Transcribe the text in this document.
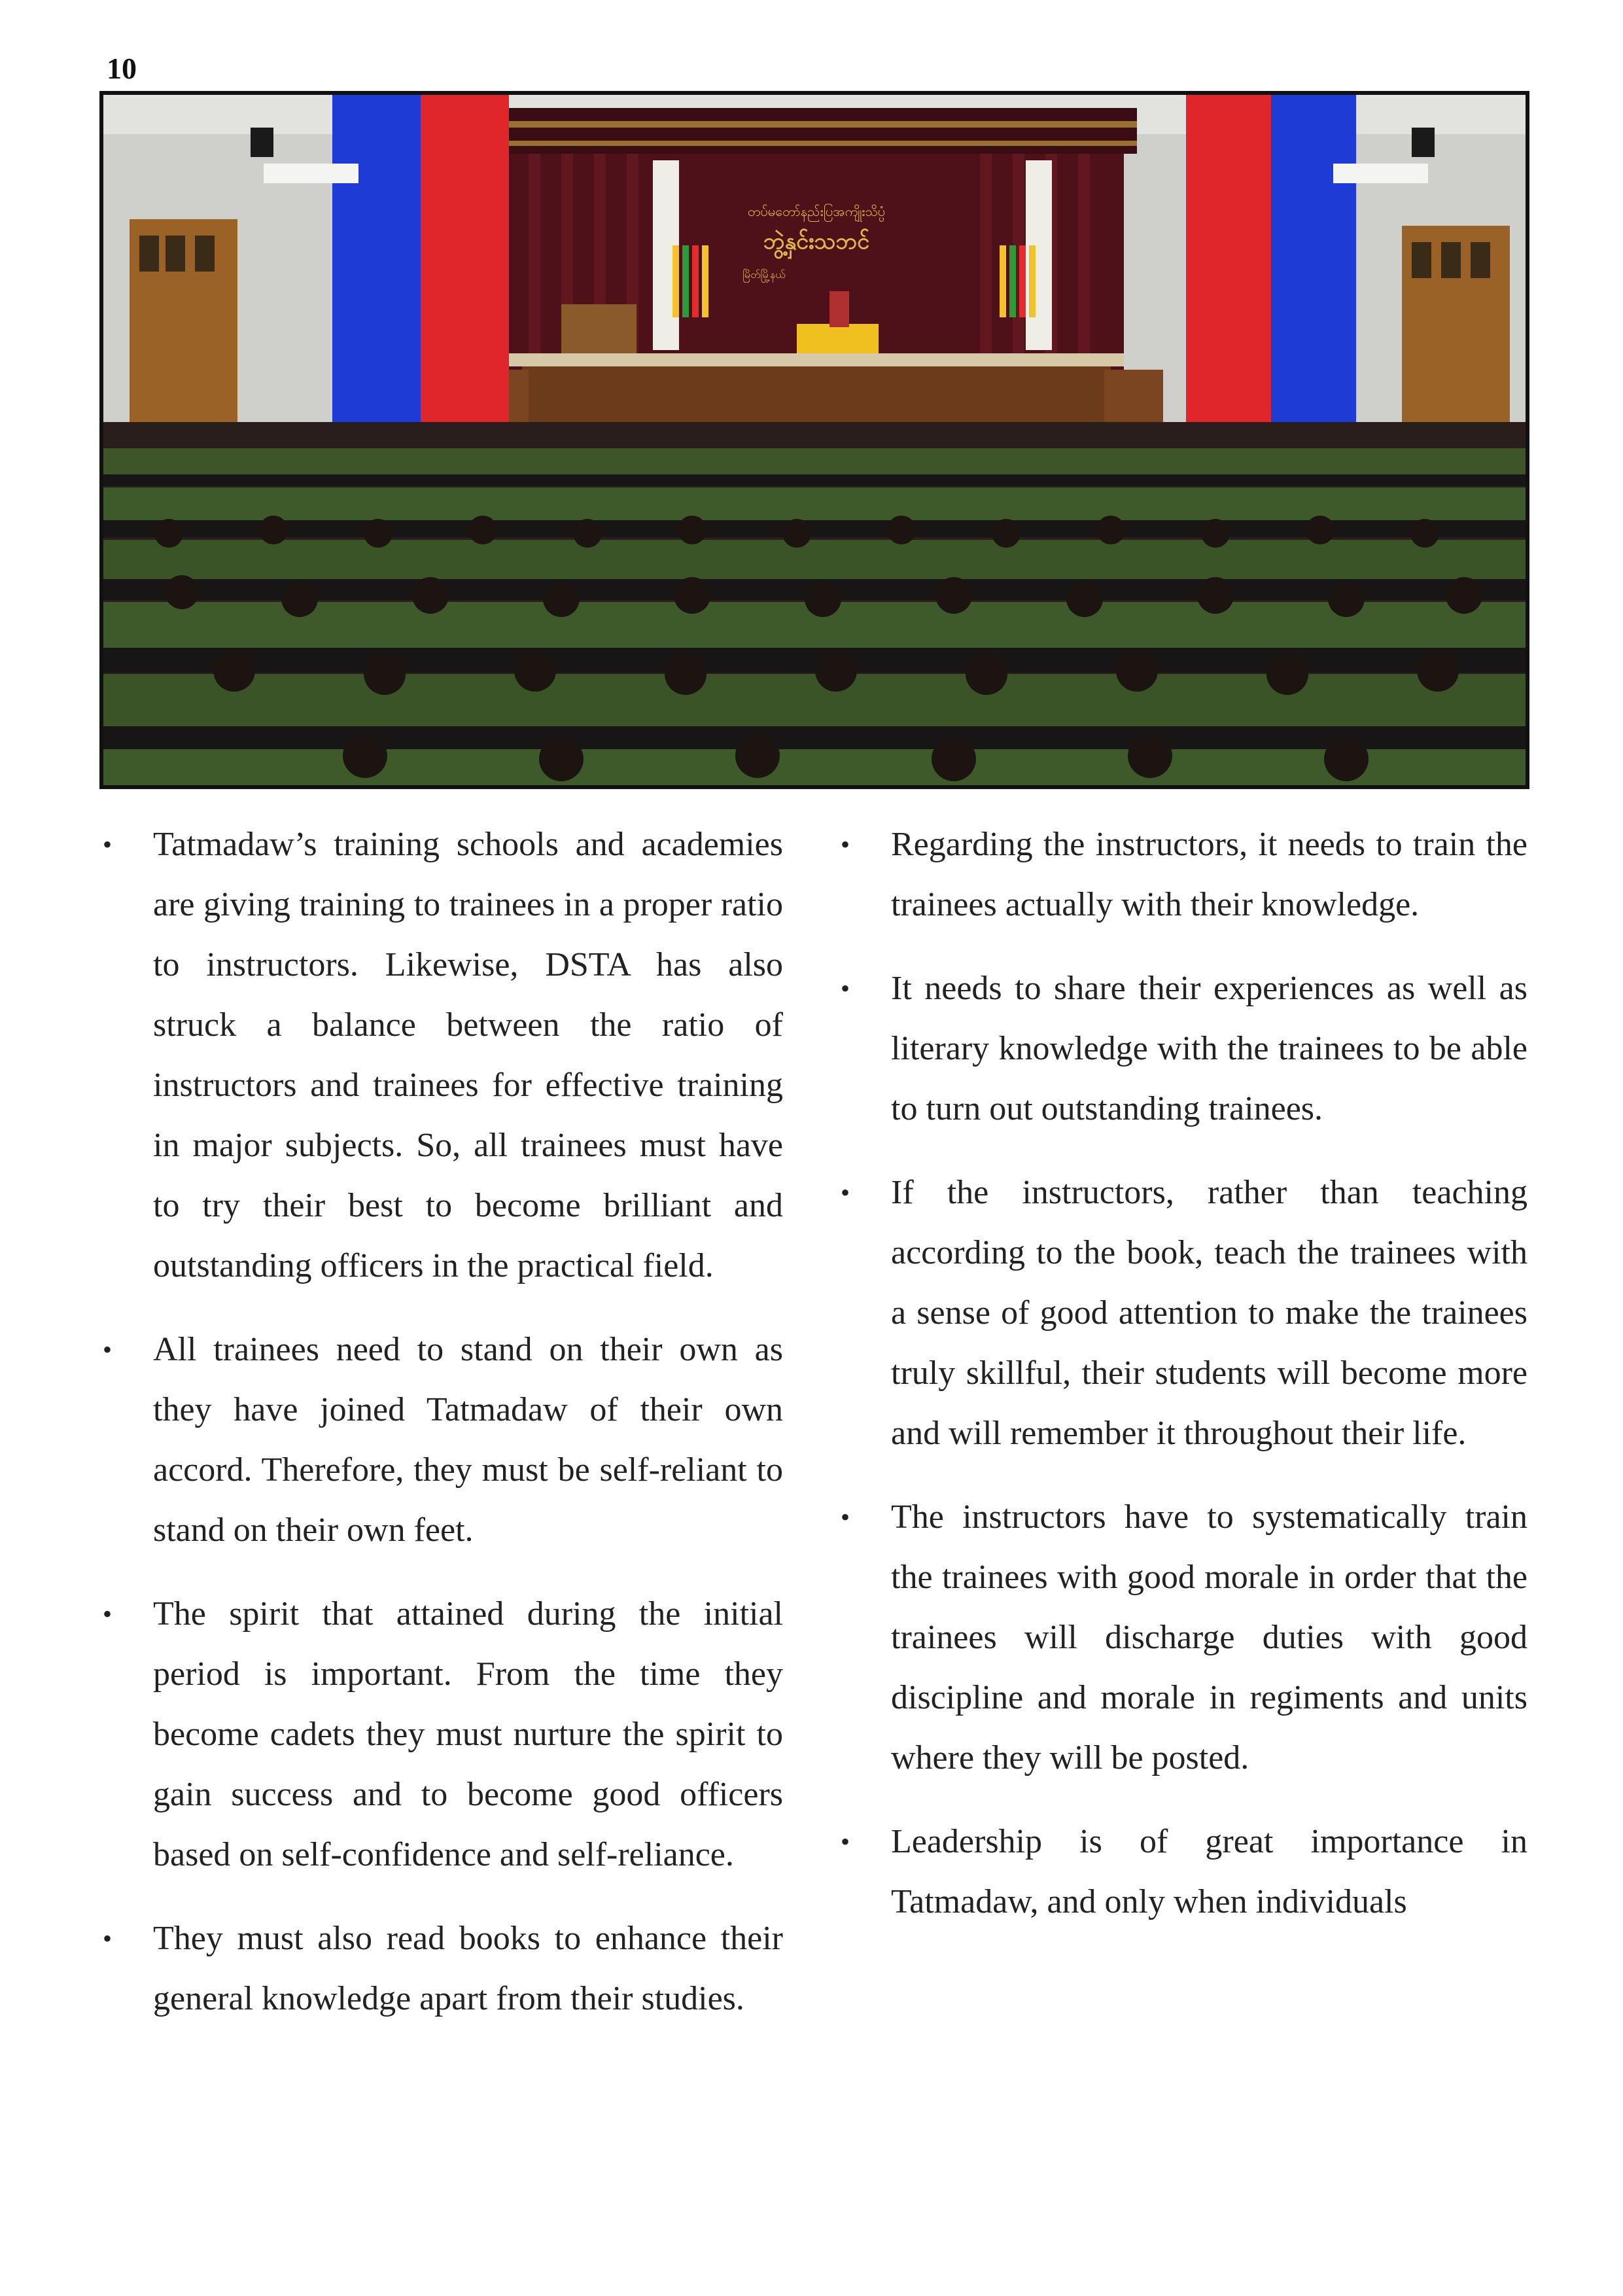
10
တပ်မတော်နည်းပြအကျိုးသိပ္ပံ
ဘွဲ့နှင်းသဘင်
မြိတ်မြို့နယ်
• Tatmadaw’s training schools and academies are giving training to trainees in a proper ratio to instructors. Likewise, DSTA has also struck a balance between the ratio of instructors and trainees for effective training in major subjects. So, all trainees must have to try their best to become brilliant and outstanding officers in the practical field.
• All trainees need to stand on their own as they have joined Tatmadaw of their own accord. Therefore, they must be self-reliant to stand on their own feet.
• The spirit that attained during the initial period is important. From the time they become cadets they must nurture the spirit to gain success and to become good officers based on self-confidence and self-reliance.
• They must also read books to enhance their general knowledge apart from their studies.
• Regarding the instructors, it needs to train the trainees actually with their knowledge.
• It needs to share their experiences as well as literary knowledge with the trainees to be able to turn out outstanding trainees.
• If the instructors, rather than teaching according to the book, teach the trainees with a sense of good attention to make the trainees truly skillful, their students will become more and will remember it throughout their life.
• The instructors have to systematically train the trainees with good morale in order that the trainees will discharge duties with good discipline and morale in regiments and units where they will be posted.
• Leadership is of great importance in Tatmadaw, and only when individuals
